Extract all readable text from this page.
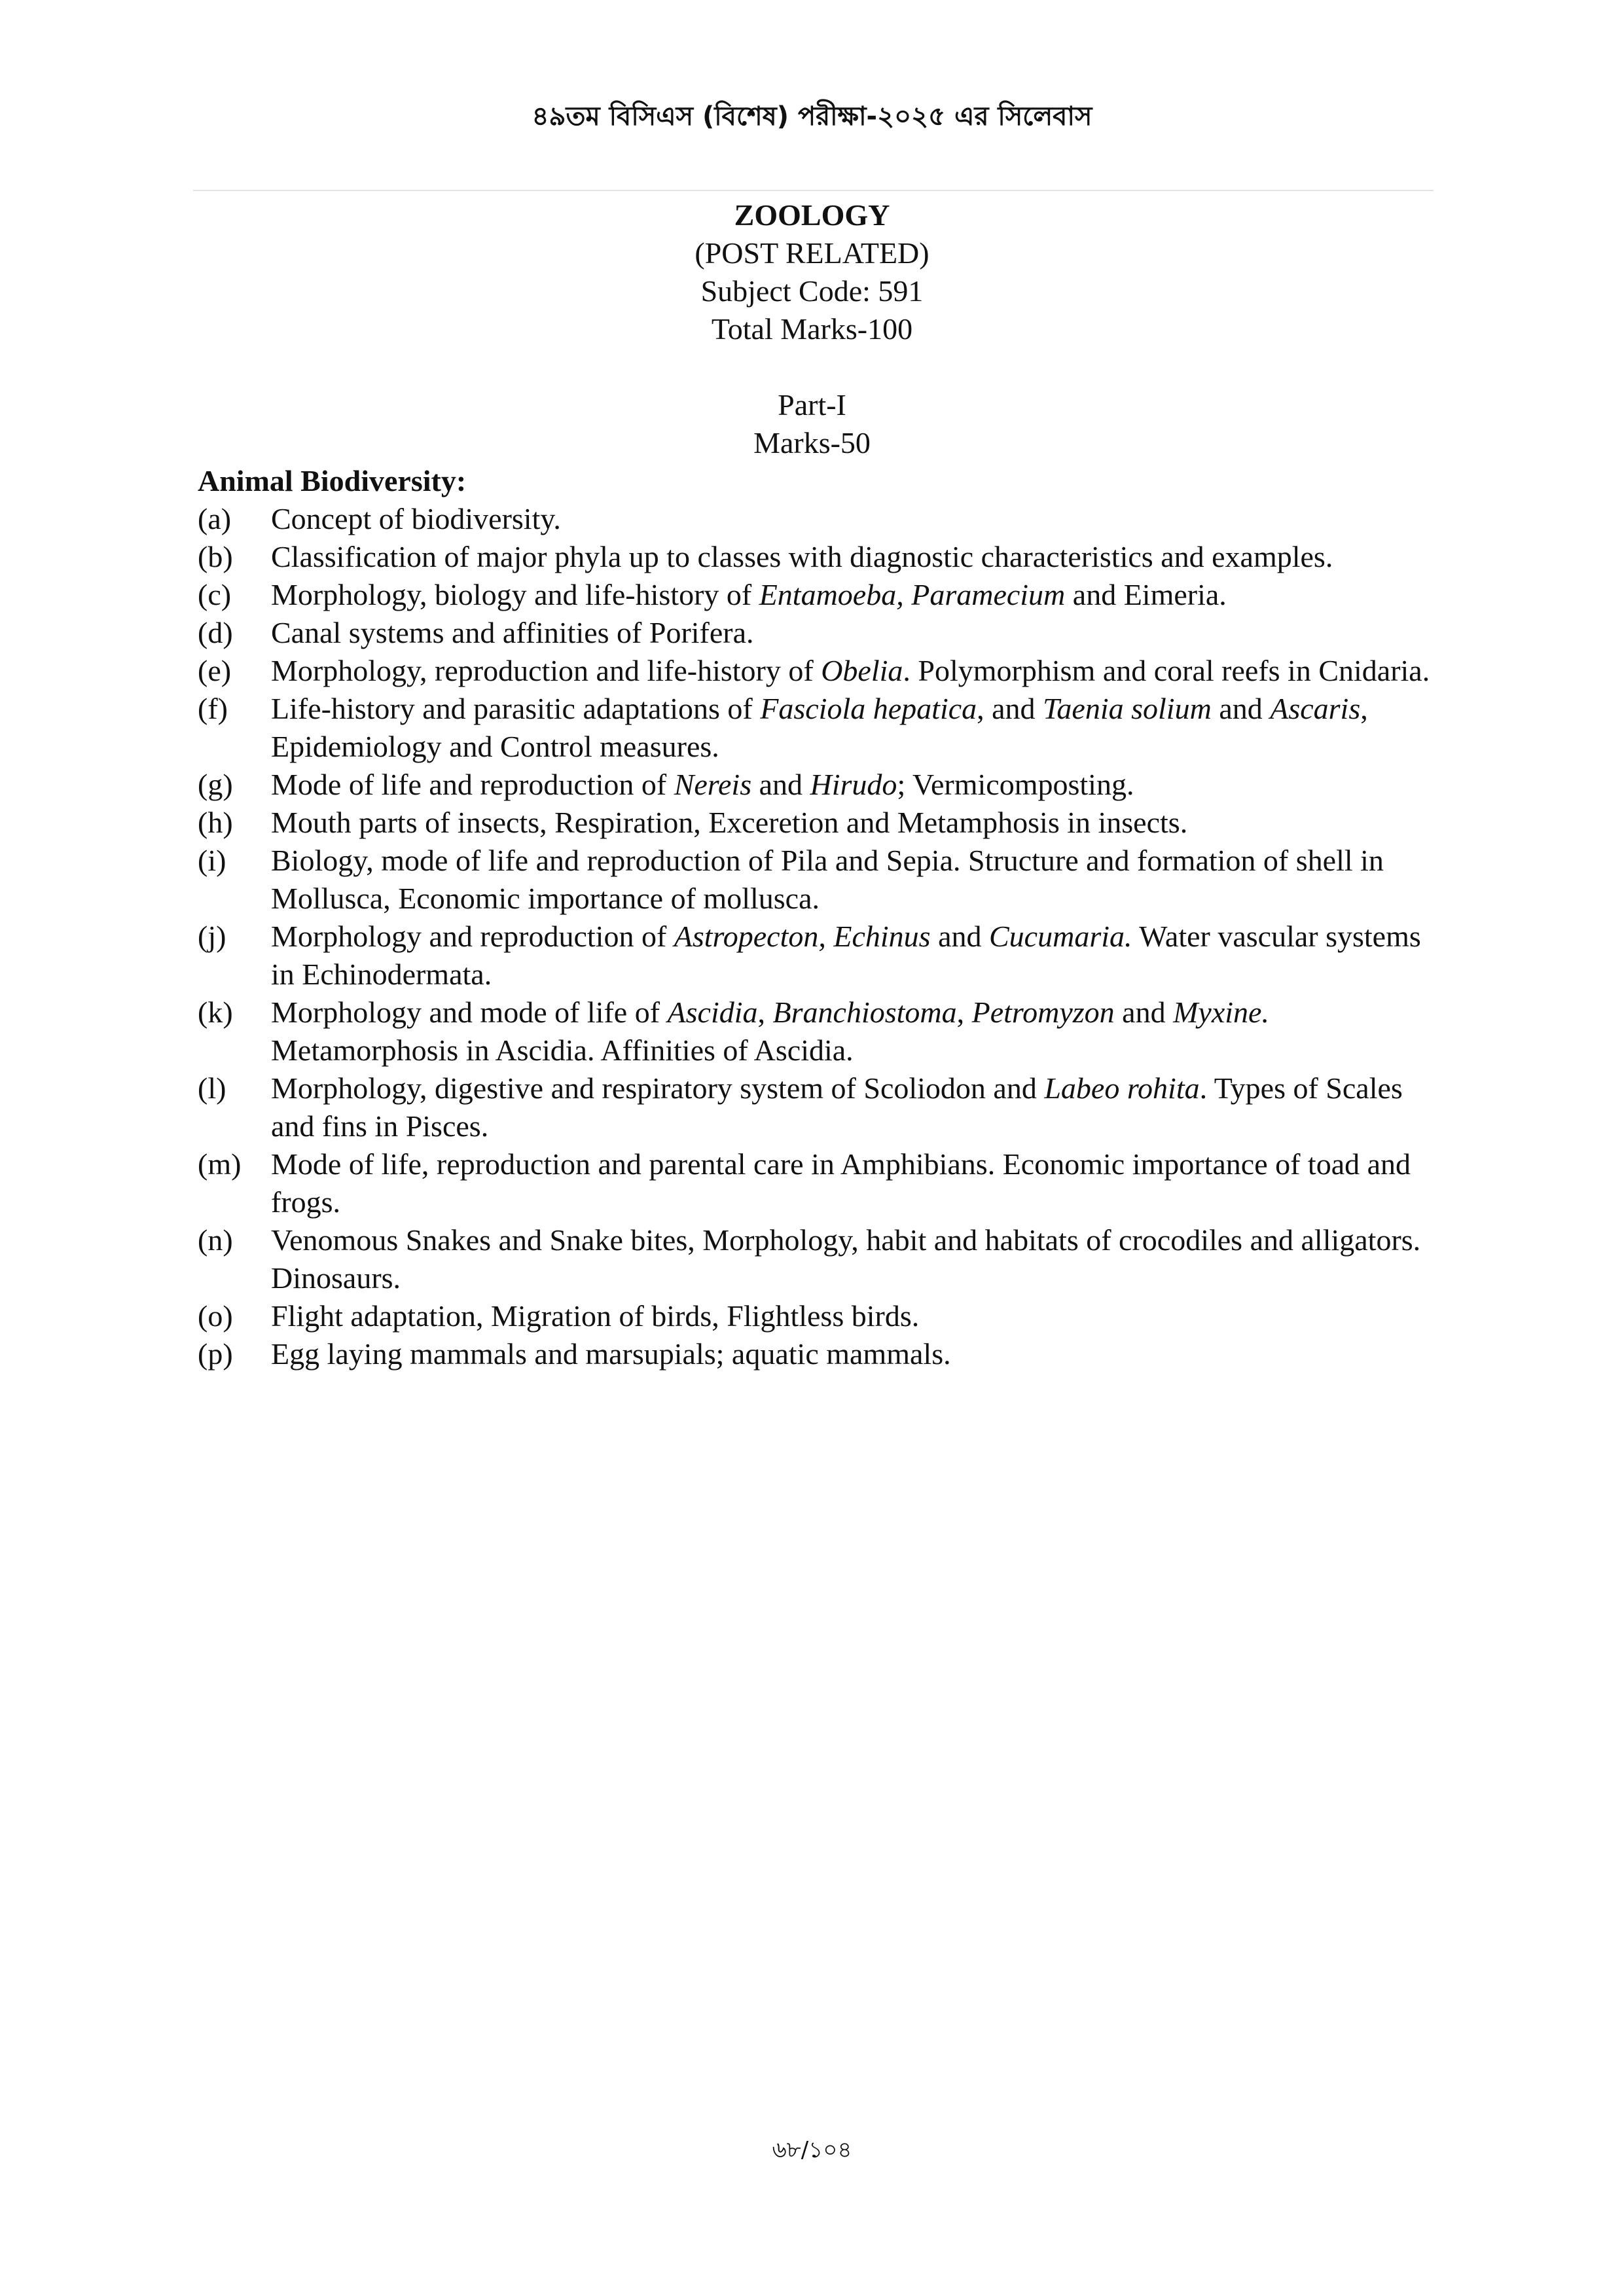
৪৯তম বিসিএস (বিশেষ) পরীক্ষা-২০২৫ এর সিলেবাস
ZOOLOGY
(POST RELATED)
Subject Code: 591
Total Marks-100
Part-I
Marks-50
Animal Biodiversity:
(a)	Concept of biodiversity.
(b)	Classification of major phyla up to classes with diagnostic characteristics and examples.
(c)	Morphology, biology and life-history of Entamoeba, Paramecium and Eimeria.
(d)	Canal systems and affinities of Porifera.
(e)	Morphology, reproduction and life-history of Obelia. Polymorphism and coral reefs in Cnidaria.
(f)	Life-history and parasitic adaptations of Fasciola hepatica, and Taenia solium and Ascaris, Epidemiology and Control measures.
(g)	Mode of life and reproduction of Nereis and Hirudo; Vermicomposting.
(h)	Mouth parts of insects, Respiration, Exceretion and Metamphosis in insects.
(i)	Biology, mode of life and reproduction of Pila and Sepia. Structure and formation of shell in Mollusca, Economic importance of mollusca.
(j)	Morphology and reproduction of Astropecton, Echinus and Cucumaria. Water vascular systems in Echinodermata.
(k)	Morphology and mode of life of Ascidia, Branchiostoma, Petromyzon and Myxine. Metamorphosis in Ascidia. Affinities of Ascidia.
(l)	Morphology, digestive and respiratory system of Scoliodon and Labeo rohita. Types of Scales and fins in Pisces.
(m) Mode of life, reproduction and parental care in Amphibians. Economic importance of toad and frogs.
(n)	Venomous Snakes and Snake bites, Morphology, habit and habitats of crocodiles and alligators. Dinosaurs.
(o)	Flight adaptation, Migration of birds, Flightless birds.
(p)	Egg laying mammals and marsupials; aquatic mammals.
৬৮/১০৪
